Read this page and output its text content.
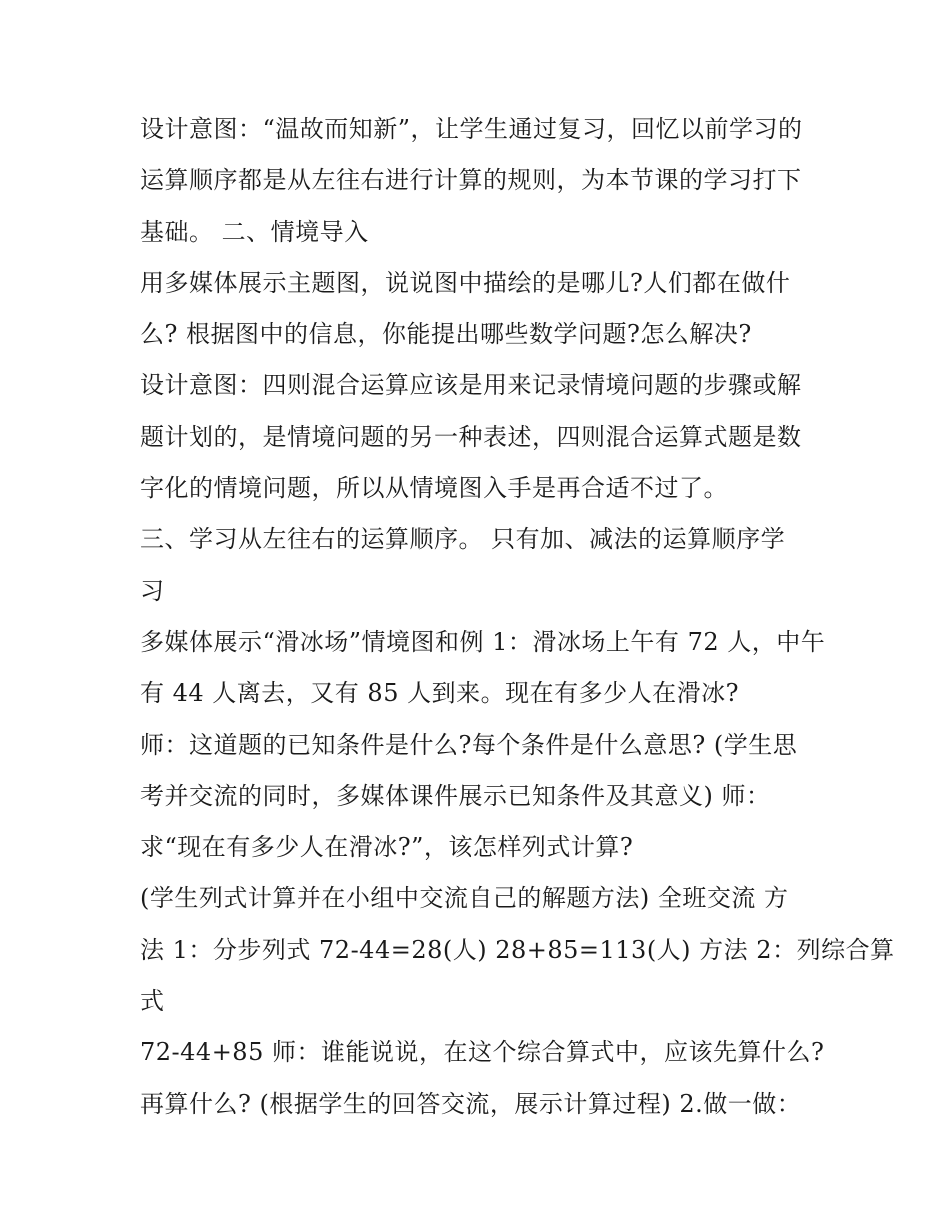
设计意图：“温故而知新”，让学生通过复习，回忆以前学习的
运算顺序都是从左往右进行计算的规则，为本节课的学习打下
基础。 二、情境导入
用多媒体展示主题图，说说图中描绘的是哪儿?人们都在做什
么? 根据图中的信息，你能提出哪些数学问题?怎么解决?
设计意图：四则混合运算应该是用来记录情境问题的步骤或解
题计划的，是情境问题的另一种表述，四则混合运算式题是数
字化的情境问题，所以从情境图入手是再合适不过了。
三、学习从左往右的运算顺序。 只有加、减法的运算顺序学
习
多媒体展示“滑冰场”情境图和例 1：滑冰场上午有 72 人，中午
有 44 人离去，又有 85 人到来。现在有多少人在滑冰?
师：这道题的已知条件是什么?每个条件是什么意思? (学生思
考并交流的同时，多媒体课件展示已知条件及其意义) 师：
求“现在有多少人在滑冰?”，该怎样列式计算?
(学生列式计算并在小组中交流自己的解题方法) 全班交流 方
法 1：分步列式 72-44=28(人) 28+85=113(人) 方法 2：列综合算
式
72-44+85 师：谁能说说，在这个综合算式中，应该先算什么?
再算什么? (根据学生的回答交流，展示计算过程) 2.做一做：
